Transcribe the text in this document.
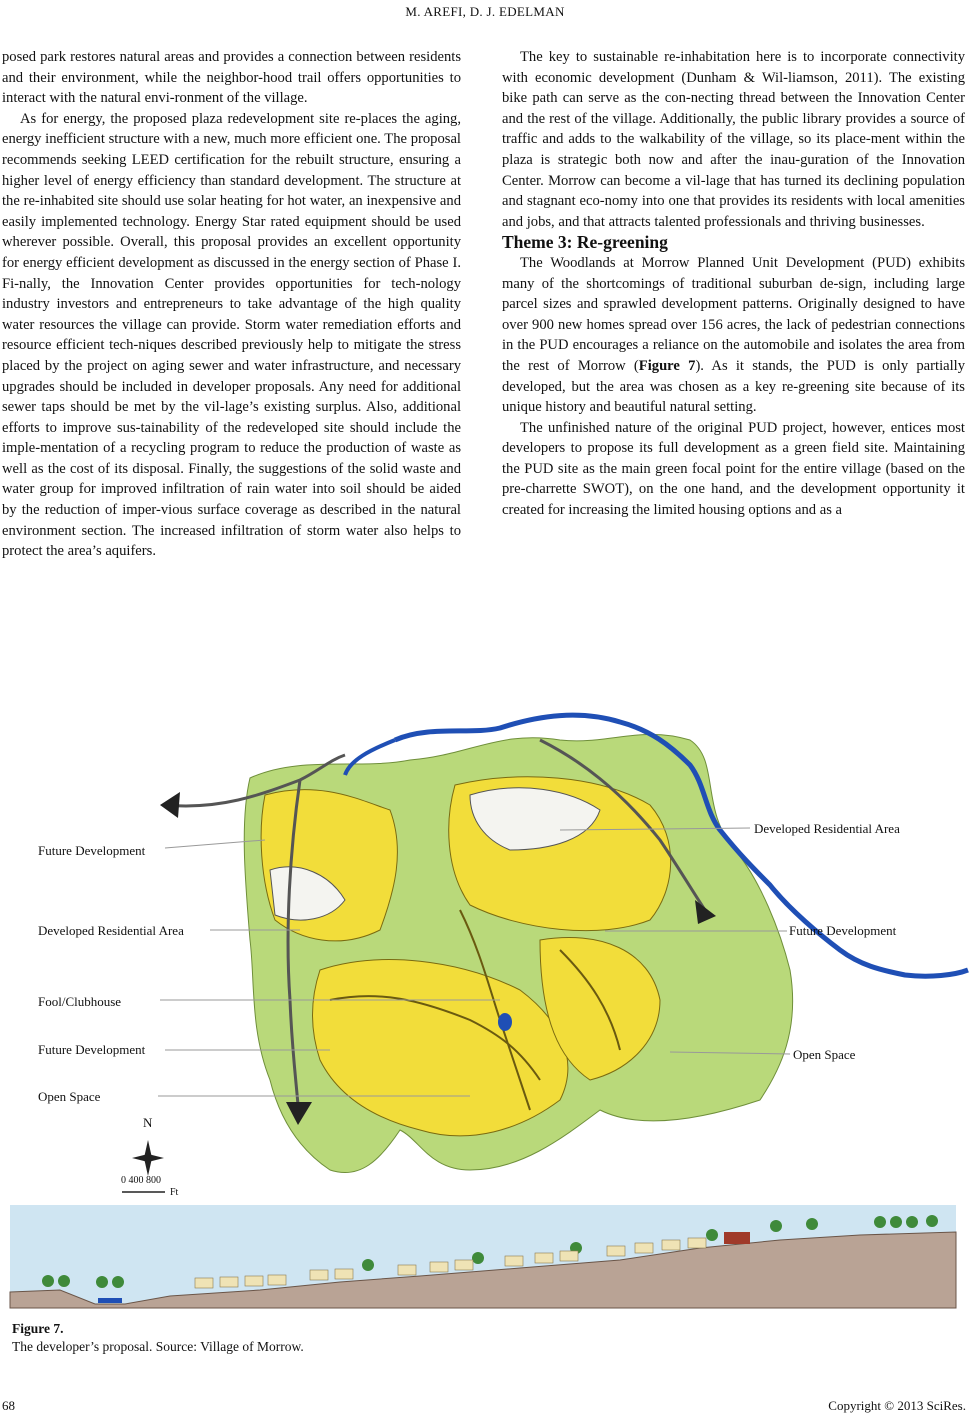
M. AREFI, D. J. EDELMAN

posed park restores natural areas and provides a connection between residents and their environment, while the neighbor-hood trail offers opportunities to interact with the natural envi-ronment of the village.

As for energy, the proposed plaza redevelopment site re-places the aging, energy inefficient structure with a new, much more efficient one. The proposal recommends seeking LEED certification for the rebuilt structure, ensuring a higher level of energy efficiency than standard development. The structure at the re-inhabited site should use solar heating for hot water, an inexpensive and easily implemented technology. Energy Star rated equipment should be used wherever possible. Overall, this proposal provides an excellent opportunity for energy efficient development as discussed in the energy section of Phase I. Fi-nally, the Innovation Center provides opportunities for tech-nology industry investors and entrepreneurs to take advantage of the high quality water resources the village can provide. Storm water remediation efforts and resource efficient tech-niques described previously help to mitigate the stress placed by the project on aging sewer and water infrastructure, and necessary upgrades should be included in developer proposals. Any need for additional sewer taps should be met by the vil-lage’s existing surplus. Also, additional efforts to improve sus-tainability of the redeveloped site should include the imple-mentation of a recycling program to reduce the production of waste as well as the cost of its disposal. Finally, the suggestions of the solid waste and water group for improved infiltration of rain water into soil should be aided by the reduction of imper-vious surface coverage as described in the natural environment section. The increased infiltration of storm water also helps to protect the area’s aquifers.

The key to sustainable re-inhabitation here is to incorporate connectivity with economic development (Dunham & Wil-liamson, 2011). The existing bike path can serve as the con-necting thread between the Innovation Center and the rest of the village. Additionally, the public library provides a source of traffic and adds to the walkability of the village, so its place-ment within the plaza is strategic both now and after the inau-guration of the Innovation Center. Morrow can become a vil-lage that has turned its declining population and stagnant eco-nomy into one that provides its residents with local amenities and jobs, and that attracts talented professionals and thriving businesses.

Theme 3: Re-greening

The Woodlands at Morrow Planned Unit Development (PUD) exhibits many of the shortcomings of traditional suburban de-sign, including large parcel sizes and sprawled development patterns. Originally designed to have over 900 new homes spread over 156 acres, the lack of pedestrian connections in the PUD encourages a reliance on the automobile and isolates the area from the rest of Morrow (Figure 7). As it stands, the PUD is only partially developed, but the area was chosen as a key re-greening site because of its unique history and beautiful natural setting.

The unfinished nature of the original PUD project, however, entices most developers to propose its full development as a green field site. Maintaining the PUD site as the main green focal point for the entire village (based on the pre-charrette SWOT), on the one hand, and the development opportunity it created for increasing the limited housing options and as a

Future Development
Developed Residential Area
Fool/Clubhouse
Future Development
Open Space
Developed Residential Area
Future Development
Open Space
N
0 400 800
Ft
Figure 7.
The developer’s proposal. Source: Village of Morrow.
68	Copyright © 2013 SciRes.
